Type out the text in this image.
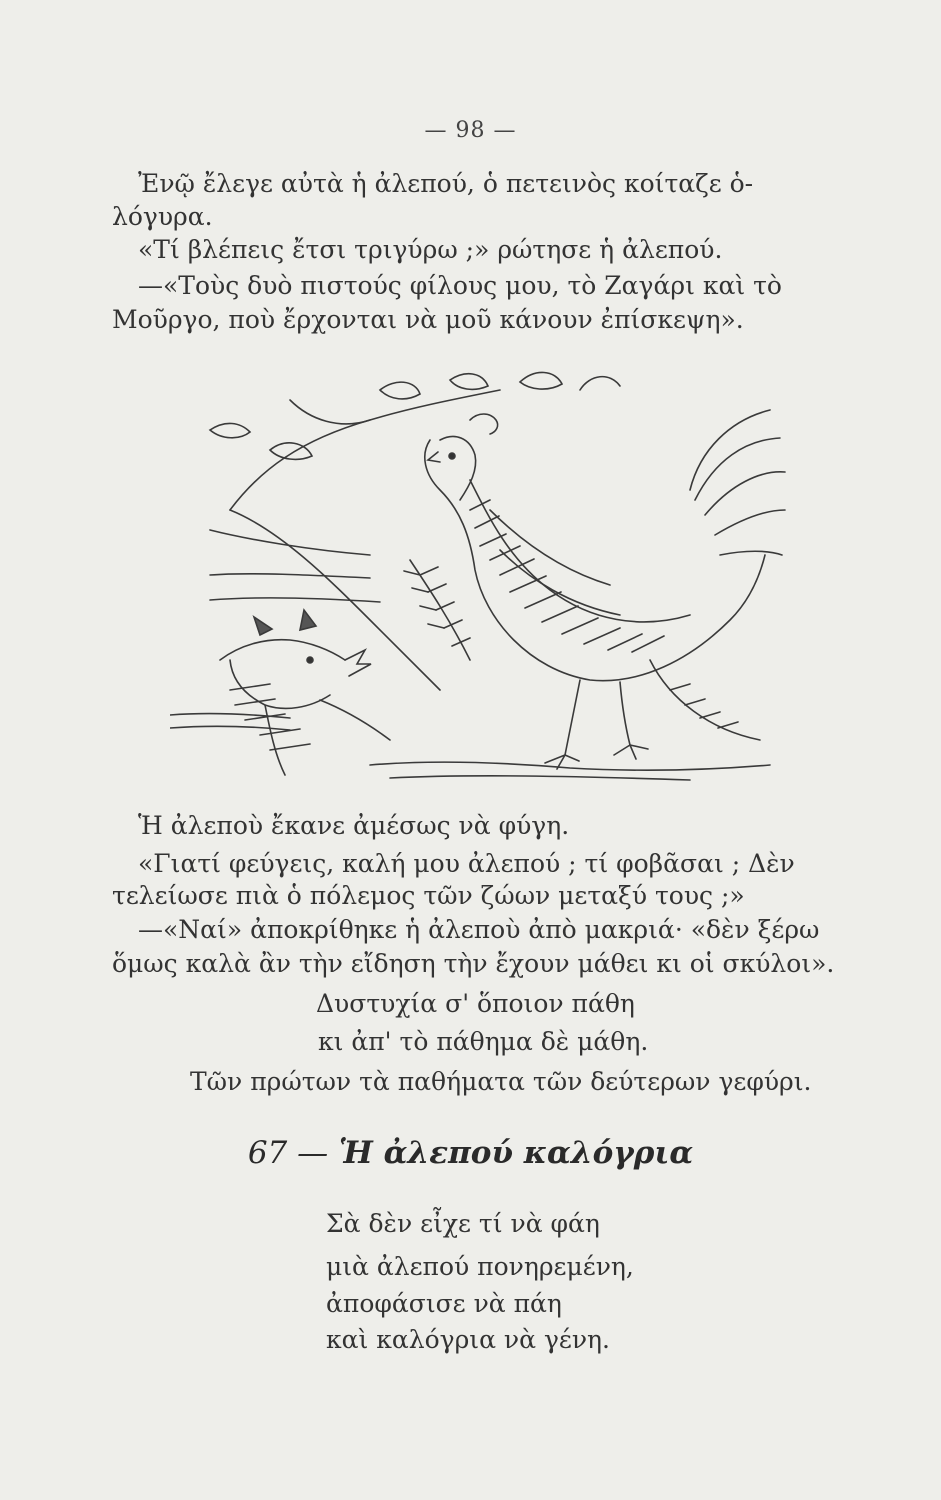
— 98 —
Ἐνῷ ἔλεγε αὐτὰ ἡ ἀλεπού, ὁ πετεινὸς κοίταζε ὁ-
λόγυρα.
«Τί βλέπεις ἔτσι τριγύρω ;» ρώτησε ἡ ἀλεπού.
—«Τοὺς δυὸ πιστούς φίλους μου, τὸ Ζαγάρι καὶ τὸ
Μοῦργο, ποὺ ἔρχονται νὰ μοῦ κάνουν ἐπίσκεψη».
Ἡ ἀλεποὺ ἔκανε ἀμέσως νὰ φύγη.
«Γιατί φεύγεις, καλή μου ἀλεπού ; τί φοβᾶσαι ; Δὲν
τελείωσε πιὰ ὁ πόλεμος τῶν ζώων μεταξύ τους ;»
—«Ναί» ἀποκρίθηκε ἡ ἀλεποὺ ἀπὸ μακριά· «δὲν ξέρω
ὅμως καλὰ ἂν τὴν εἴδηση τὴν ἔχουν μάθει κι οἱ σκύλοι».
Δυστυχία σ' ὅποιον πάθη
κι ἀπ' τὸ πάθημα δὲ μάθη.
Τῶν πρώτων τὰ παθήματα τῶν δεύτερων γεφύρι.
67 — Ἡ ἀλεπού καλόγρια
Σὰ δὲν εἶχε τί νὰ φάη
μιὰ ἀλεπού πονηρεμένη,
ἀποφάσισε νὰ πάη
καὶ καλόγρια νὰ γένη.
